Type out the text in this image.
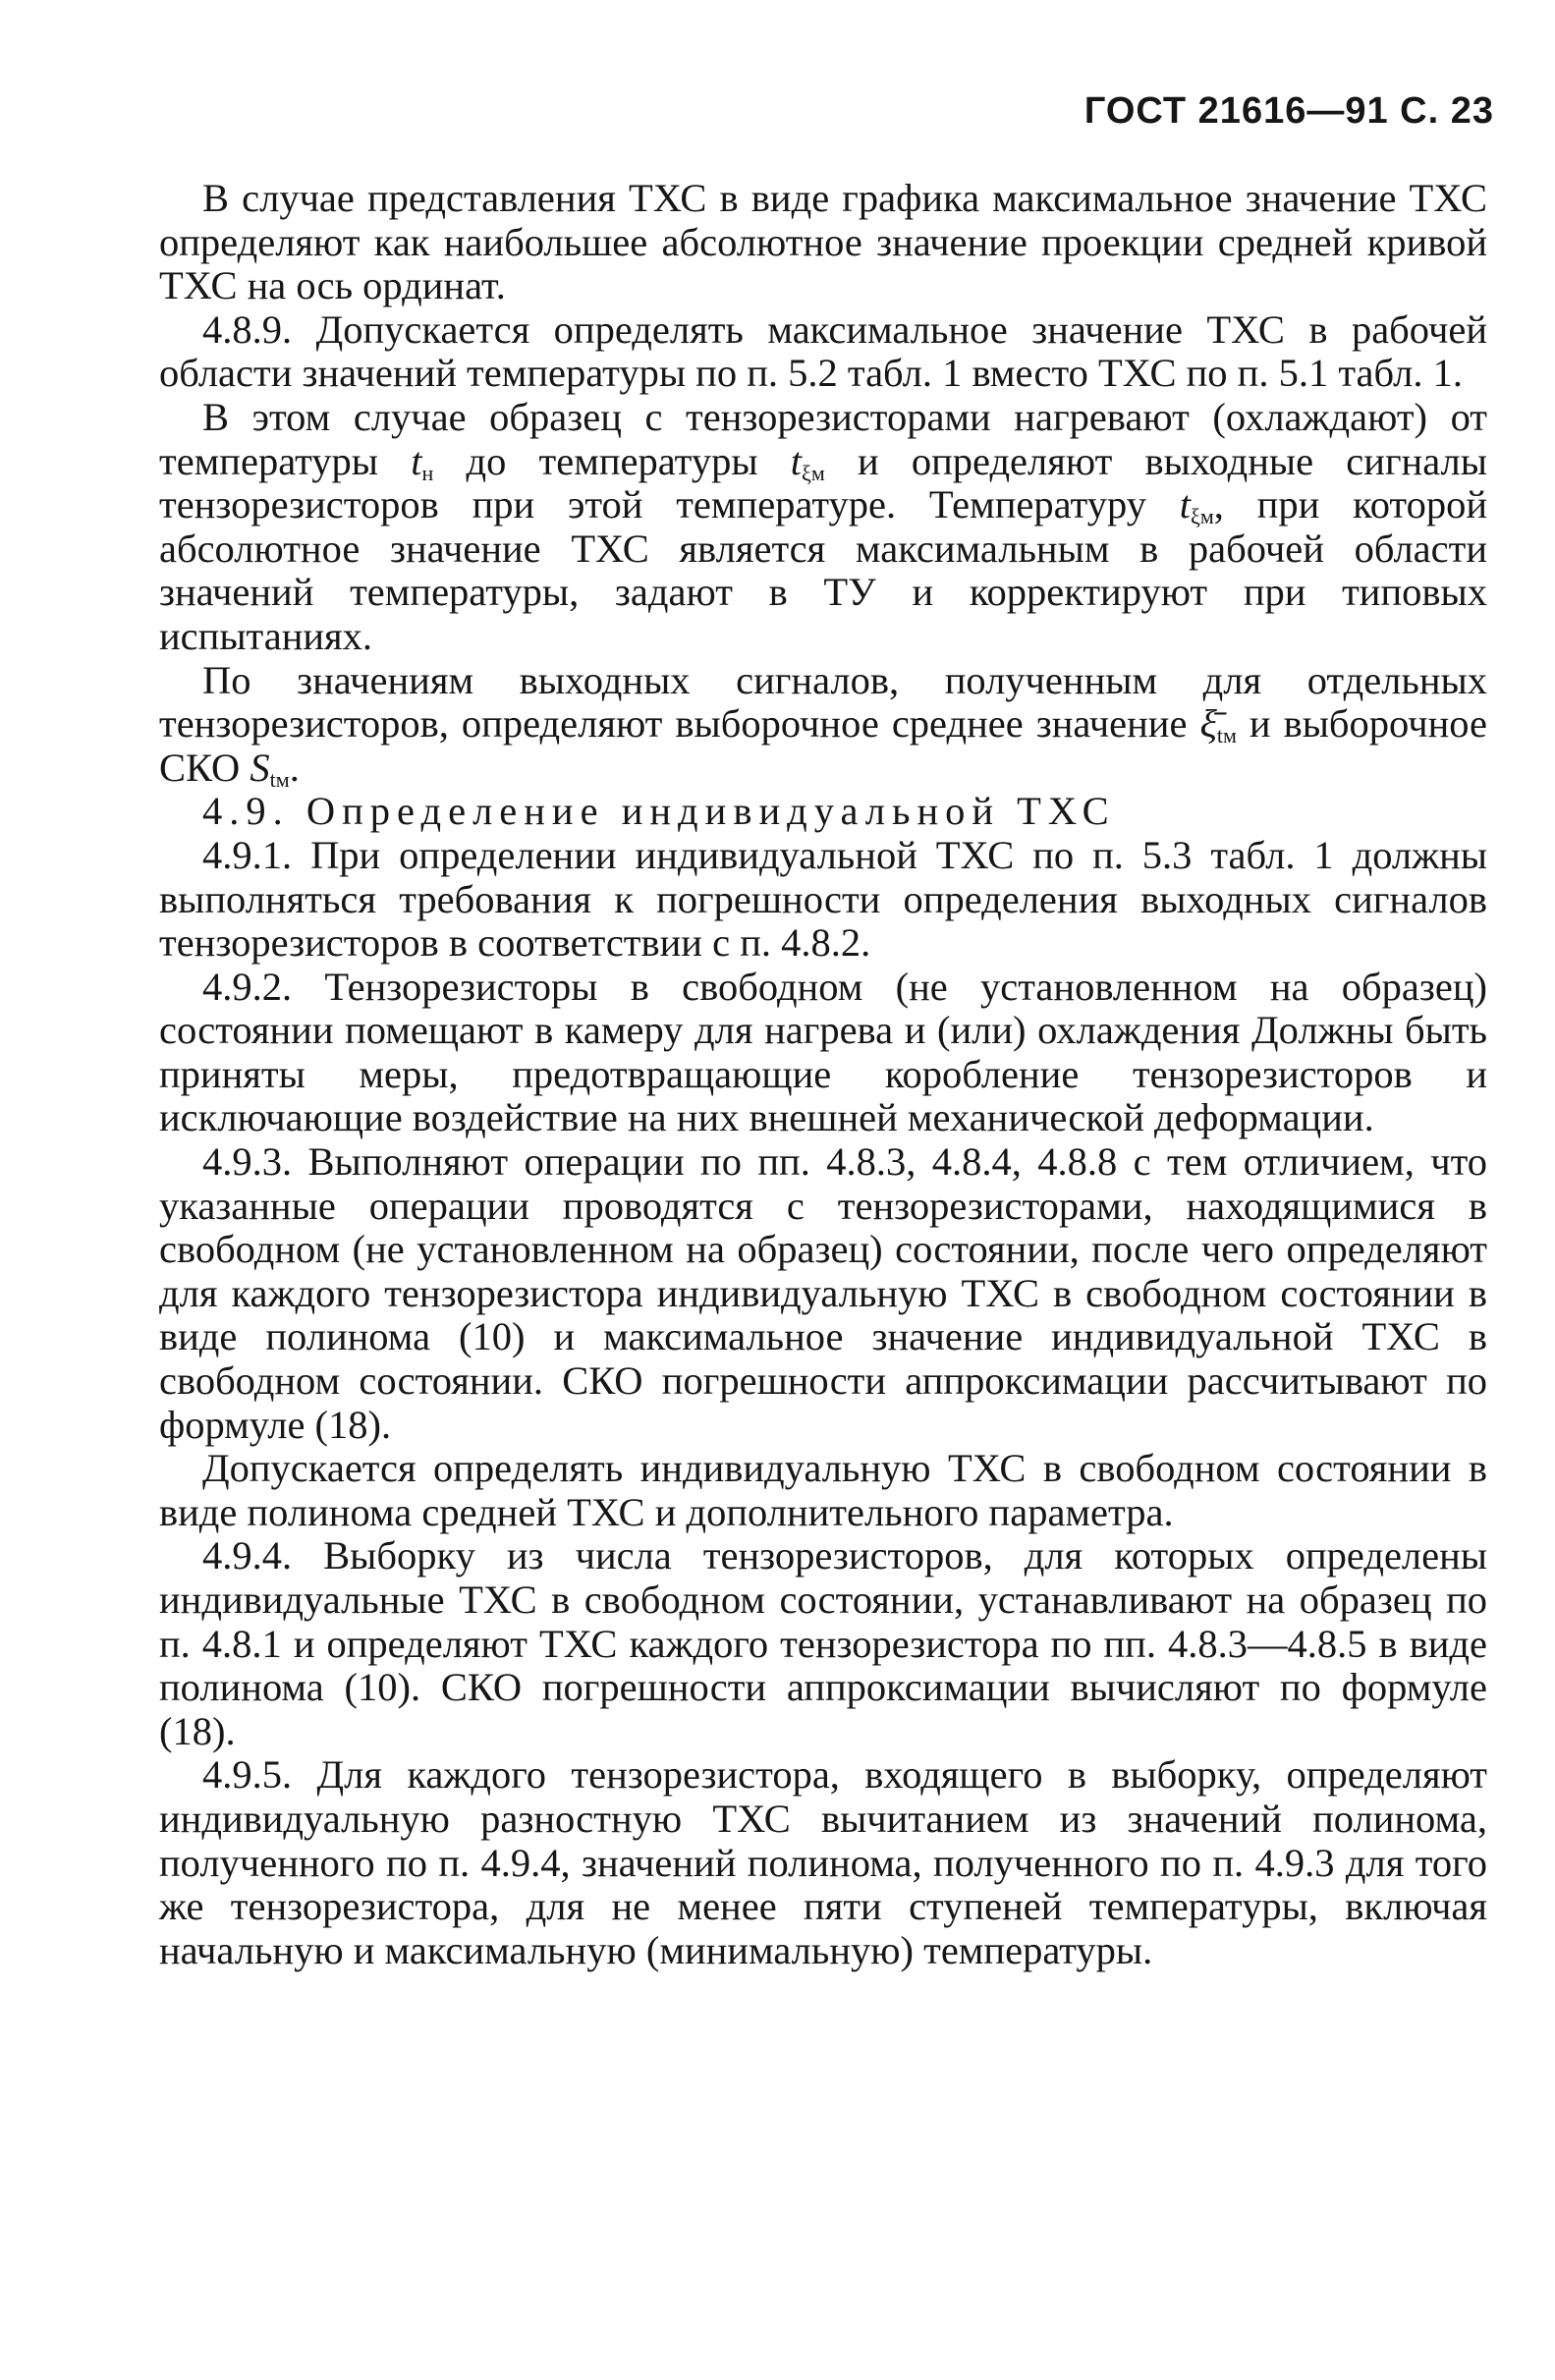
ГОСТ 21616—91 С. 23

В случае представления ТХС в виде графика максимальное значение ТХС определяют как наибольшее абсолютное значение проекции средней кривой ТХС на ось ординат.

4.8.9. Допускается определять максимальное значение ТХС в рабочей области значений температуры по п. 5.2 табл. 1 вместо ТХС по п. 5.1 табл. 1.

В этом случае образец с тензорезисторами нагревают (охлаждают) от температуры $t_н$ до температуры $t_{\xi м}$ и определяют выходные сигналы тензорезисторов при этой температуре. Температуру $t_{\xi м}$, при которой абсолютное значение ТХС является максимальным в рабочей области значений температуры, задают в ТУ и корректируют при типовых испытаниях.

По значениям выходных сигналов, полученным для отдельных тензорезисторов, определяют выборочное среднее значение $\xī_{tм}$ и выборочное СКО $S_{tм}$.

4.9. Определение индивидуальной ТХС

4.9.1. При определении индивидуальной ТХС по п. 5.3 табл. 1 должны выполняться требования к погрешности определения выходных сигналов тензорезисторов в соответствии с п. 4.8.2.

4.9.2. Тензорезисторы в свободном (не установленном на образец) состоянии помещают в камеру для нагрева и (или) охлаждения Должны быть приняты меры, предотвращающие коробление тензорезисторов и исключающие воздействие на них внешней механической деформации.

4.9.3. Выполняют операции по пп. 4.8.3, 4.8.4, 4.8.8 с тем отличием, что указанные операции проводятся с тензорезисторами, находящимися в свободном (не установленном на образец) состоянии, после чего определяют для каждого тензорезистора индивидуальную ТХС в свободном состоянии в виде полинома (10) и максимальное значение индивидуальной ТХС в свободном состоянии. СКО погрешности аппроксимации рассчитывают по формуле (18).

Допускается определять индивидуальную ТХС в свободном состоянии в виде полинома средней ТХС и дополнительного параметра.

4.9.4. Выборку из числа тензорезисторов, для которых определены индивидуальные ТХС в свободном состоянии, устанавливают на образец по п. 4.8.1 и определяют ТХС каждого тензорезистора по пп. 4.8.3—4.8.5 в виде полинома (10). СКО погрешности аппроксимации вычисляют по формуле (18).

4.9.5. Для каждого тензорезистора, входящего в выборку, определяют индивидуальную разностную ТХС вычитанием из значений полинома, полученного по п. 4.9.4, значений полинома, полученного по п. 4.9.3 для того же тензорезистора, для не менее пяти ступеней температуры, включая начальную и максимальную (минимальную) температуры.
